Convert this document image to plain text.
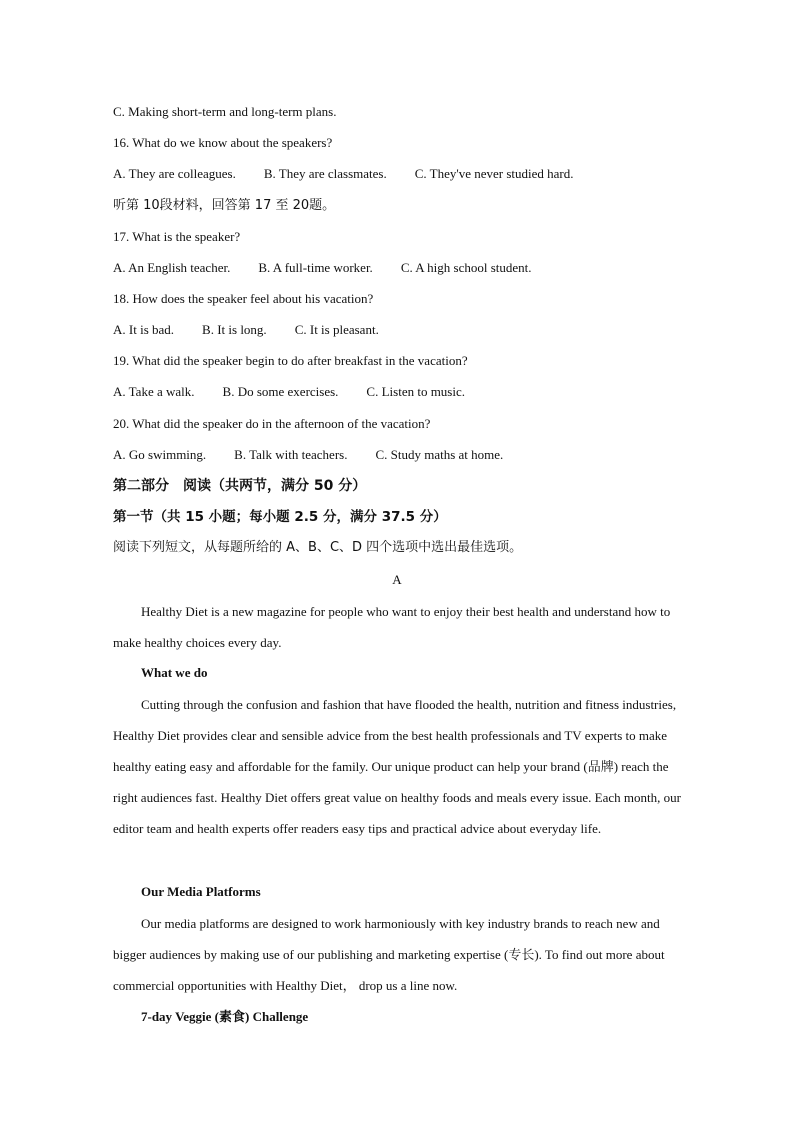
C. Making short-term and long-term plans.
16. What do we know about the speakers?
A. They are colleagues. B. They are classmates. C. They've never studied hard.
听第 10段材料，回答第 17 至 20题。
17. What is the speaker?
A. An English teacher. B. A full-time worker. C. A high school student.
18. How does the speaker feel about his vacation?
A. It is bad. B. It is long. C. It is pleasant.
19. What did the speaker begin to do after breakfast in the vacation?
A. Take a walk. B. Do some exercises. C. Listen to music.
20. What did the speaker do in the afternoon of the vacation?
A. Go swimming. B. Talk with teachers. C. Study maths at home.
第二部分　阅读（共两节，满分 50 分）
第一节（共 15 小题；每小题 2.5 分，满分 37.5 分）
阅读下列短文，从每题所给的 A、B、C、D 四个选项中选出最佳选项。
A
Healthy Diet is a new magazine for people who want to enjoy their best health and understand how to make healthy choices every day.
What we do
Cutting through the confusion and fashion that have flooded the health, nutrition and fitness industries, Healthy Diet provides clear and sensible advice from the best health professionals and TV experts to make healthy eating easy and affordable for the family. Our unique product can help your brand (品牌) reach the right audiences fast. Healthy Diet offers great value on healthy foods and meals every issue. Each month, our editor team and health experts offer readers easy tips and practical advice about everyday life.
Our Media Platforms
Our media platforms are designed to work harmoniously with key industry brands to reach new and bigger audiences by making use of our publishing and marketing expertise (专长). To find out more about commercial opportunities with Healthy Diet， drop us a line now.
7-day Veggie (素食) Challenge
